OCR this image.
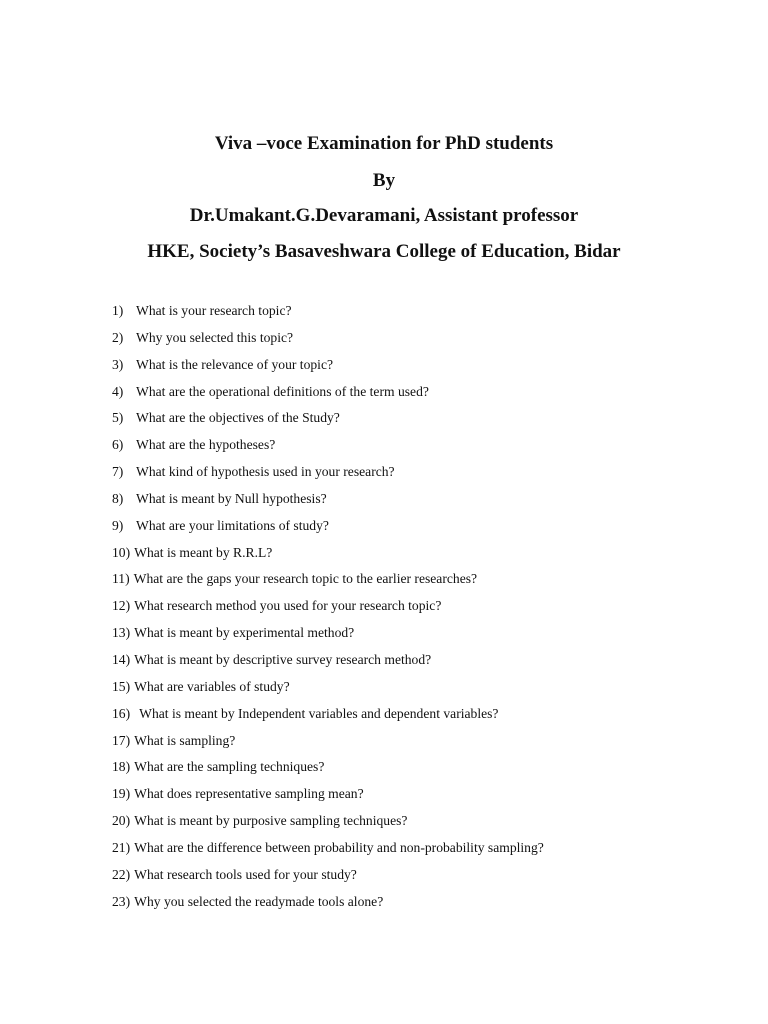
Viva –voce Examination for PhD students
By
Dr.Umakant.G.Devaramani, Assistant professor
HKE, Society’s Basaveshwara College of Education, Bidar
1) What is your research topic?
2) Why you selected this topic?
3) What is the relevance of your topic?
4) What are the operational definitions of the term used?
5) What are the objectives of the Study?
6) What are the hypotheses?
7) What kind of hypothesis used in your research?
8) What is meant by Null hypothesis?
9) What are your limitations of study?
10) What is meant by R.R.L?
11) What are the gaps your research topic to the earlier researches?
12) What research method you used for your research topic?
13) What is meant by experimental method?
14) What is meant by descriptive survey research method?
15) What are variables of study?
16) What is meant by Independent variables and dependent variables?
17) What is sampling?
18) What are the sampling techniques?
19) What does representative sampling mean?
20) What is meant by purposive sampling techniques?
21) What are the difference between probability and non-probability sampling?
22) What research tools used for your study?
23) Why you selected the readymade tools alone?
